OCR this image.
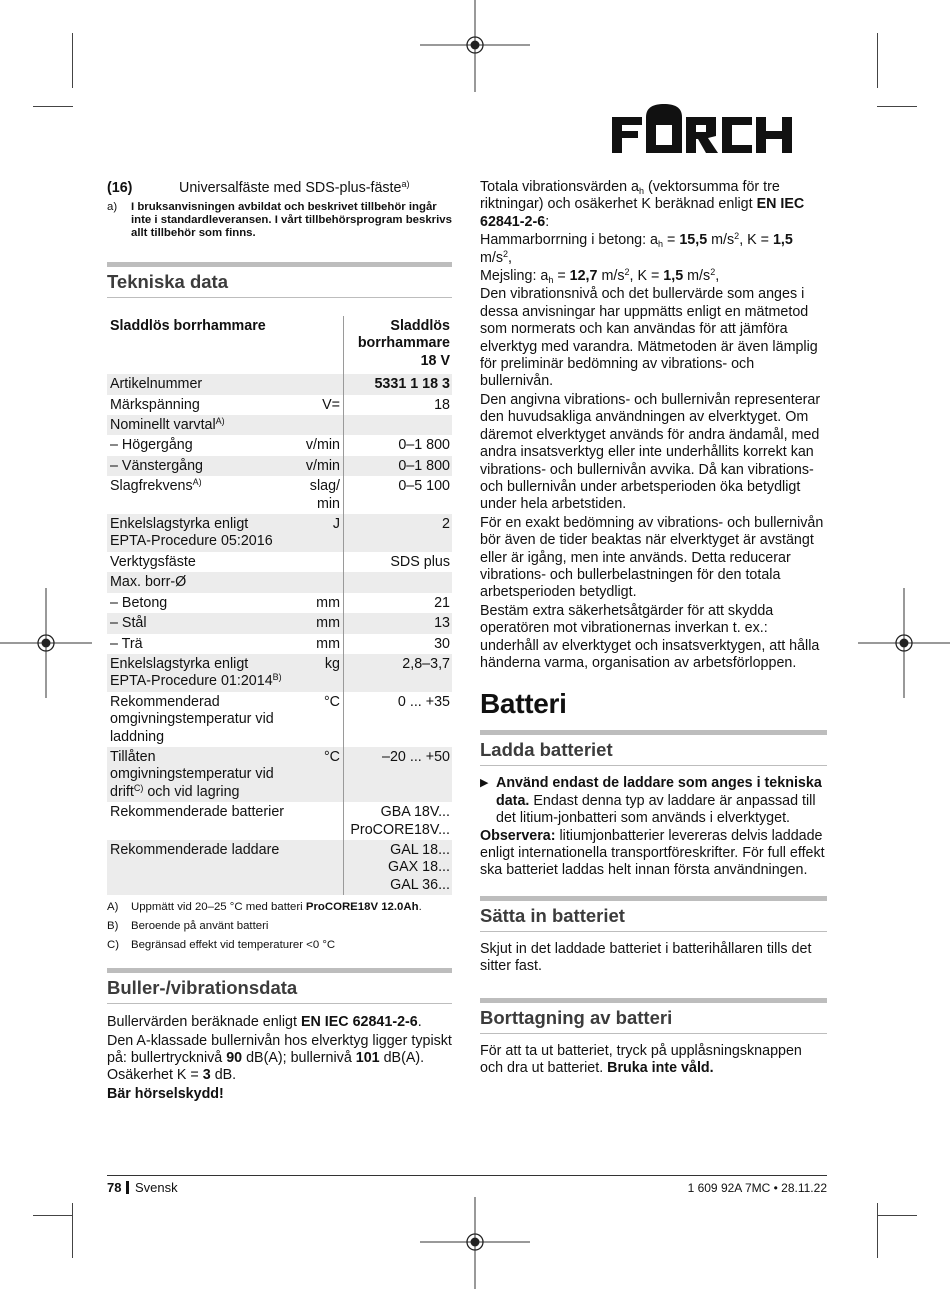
(16)	Universalfäste med SDS-plus-fäste$^{a)}$
a)	I bruksanvisningen avbildat och beskrivet tillbehör ingår inte i standardleveransen. I vårt tillbehörsprogram beskrivs allt tillbehör som finns.
Tekniska data
Sladdlös borrhammare		Sladdlös borrhammare 18 V
Artikelnummer		5331 1 18 3
Märkspänning	V=	18
Nominellt varvtal$^{A)}$		
– Högergång	v/min	0–1 800
– Vänstergång	v/min	0–1 800
Slagfrekvens$^{A)}$	slag/ min	0–5 100
Enkelslagstyrka enligt EPTA-Procedure 05:2016	J	2
Verktygsfäste		SDS plus
Max. borr-Ø		
– Betong	mm	21
– Stål	mm	13
– Trä	mm	30
Enkelslagstyrka enligt EPTA-Procedure $01:2014^{B)}$	kg	2,8–3,7
Rekommenderad omgivningstemperatur vid laddning	°C	0 ... +35
Tillåten omgivningstemperatur vid drift$^{C)}$ och vid lagring	°C	–20 ... +50
Rekommenderade batterier		GBA 18V...
ProCORE18V...

Rekommenderade laddare		GAL 18...
GAX 18...
GAL 36...
A)	Uppmätt vid 20–25 °C med batteri ProCORE18V 12.0Ah.
B)	Beroende på använt batteri
C)	Begränsad effekt vid temperaturer <0 °C
Buller-/vibrationsdata

Bullervärden beräknade enligt EN IEC 62841-2-6.

Den A-klassade bullernivån hos elverktyg ligger typiskt på: bullertrycknivå 90 dB(A); bullernivå 101 dB(A). Osäkerhet K = 3 dB.

Bär hörselskydd!

Totala vibrationsvärden $a_h$ (vektorsumma för tre riktningar) och osäkerhet K beräknad enligt EN IEC 62841-2-6:

Hammarborrning i betong: $a_h = 15,5$ $m/s^2$, K = 1,5 $m/s^2$,

Mejsling: $a_h = 12,7$ $m/s^2$, K = 1,5 $m/s^2$,

Den vibrationsnivå och det bullervärde som anges i dessa anvisningar har uppmätts enligt en mätmetod som normerats och kan användas för att jämföra elverktyg med varandra. Mätmetoden är även lämplig för preliminär bedömning av vibrations- och bullernivån.

Den angivna vibrations- och bullernivån representerar den huvudsakliga användningen av elverktyget. Om däremot elverktyget används för andra ändamål, med andra insatsverktyg eller inte underhållits korrekt kan vibrations- och bullernivån avvika. Då kan vibrations- och bullernivån under arbetsperioden öka betydligt under hela arbetstiden.

För en exakt bedömning av vibrations- och bullernivån bör även de tider beaktas när elverktyget är avstängt eller är igång, men inte används. Detta reducerar vibrations- och bullerbelastningen för den totala arbetsperioden betydligt.

Bestäm extra säkerhetsåtgärder för att skydda operatören mot vibrationernas inverkan t. ex.: underhåll av elverktyget och insatsverktygen, att hålla händerna varma, organisation av arbetsförloppen.

Batteri
Ladda batteriet
▶ Använd endast de laddare som anges i tekniska data. Endast denna typ av laddare är anpassad till det litium-jonbatteri som används i elverktyget.

Observera: litiumjonbatterier levereras delvis laddade enligt internationella transportföreskrifter. För full effekt ska batteriet laddas helt innan första användningen.

Sätta in batteriet

Skjut in det laddade batteriet i batterihållaren tills det sitter fast.

Borttagning av batteri

För att ta ut batteriet, tryck på upplåsningsknappen och dra ut batteriet. Bruka inte våld.

78 Svensk	1 609 92A 7MC • 28.11.22
